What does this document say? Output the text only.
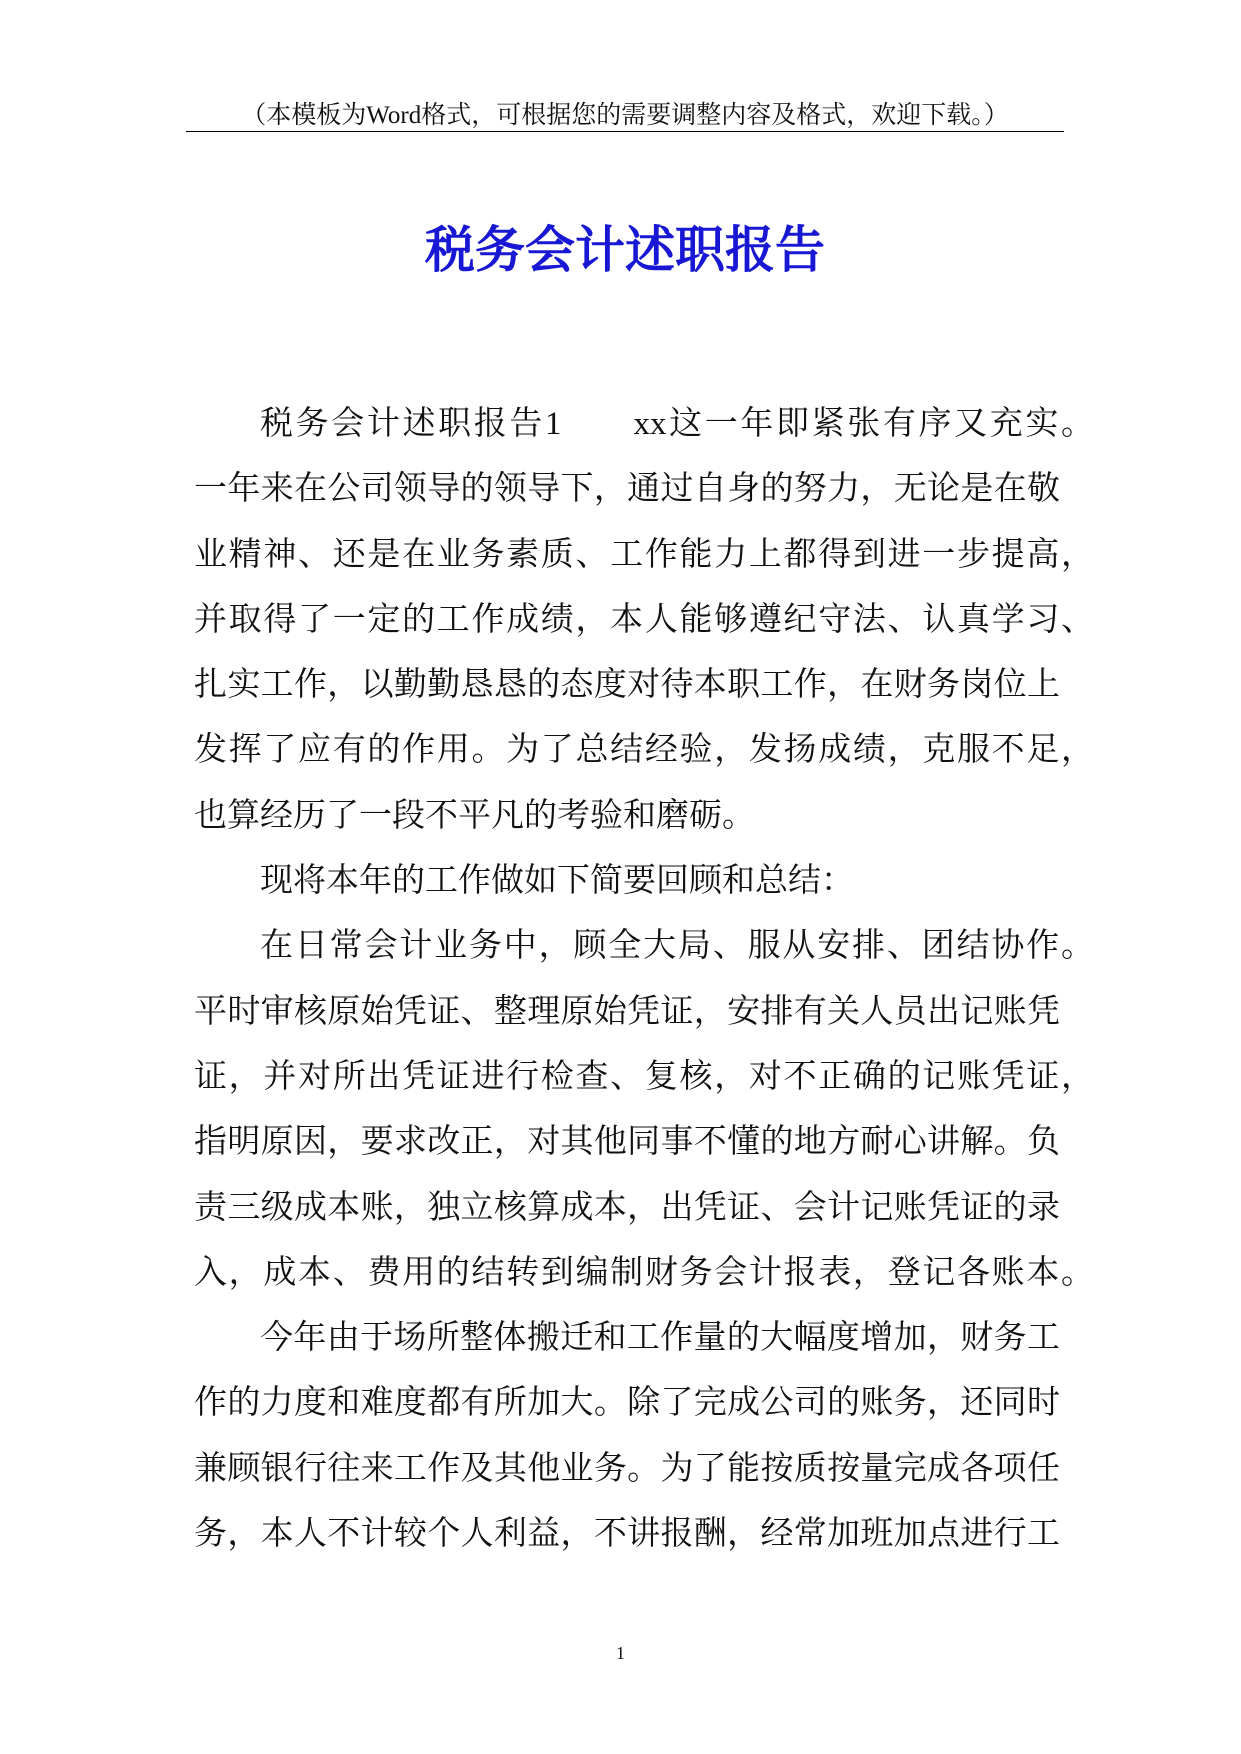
（本模板为Word格式，可根据您的需要调整内容及格式，欢迎下载。）
税务会计述职报告
税务会计述职报告1 xx这一年即紧张有序又充实。
一年来在公司领导的领导下，通过自身的努力，无论是在敬
业精神、还是在业务素质、工作能力上都得到进一步提高，
并取得了一定的工作成绩，本人能够遵纪守法、认真学习、
扎实工作，以勤勤恳恳的态度对待本职工作，在财务岗位上
发挥了应有的作用。为了总结经验，发扬成绩，克服不足，
也算经历了一段不平凡的考验和磨砺。
现将本年的工作做如下简要回顾和总结：
在日常会计业务中，顾全大局、服从安排、团结协作。
平时审核原始凭证、整理原始凭证，安排有关人员出记账凭
证，并对所出凭证进行检查、复核，对不正确的记账凭证，
指明原因，要求改正，对其他同事不懂的地方耐心讲解。负
责三级成本账，独立核算成本，出凭证、会计记账凭证的录
入，成本、费用的结转到编制财务会计报表，登记各账本。
今年由于场所整体搬迁和工作量的大幅度增加，财务工
作的力度和难度都有所加大。除了完成公司的账务，还同时
兼顾银行往来工作及其他业务。为了能按质按量完成各项任
务，本人不计较个人利益，不讲报酬，经常加班加点进行工
1
